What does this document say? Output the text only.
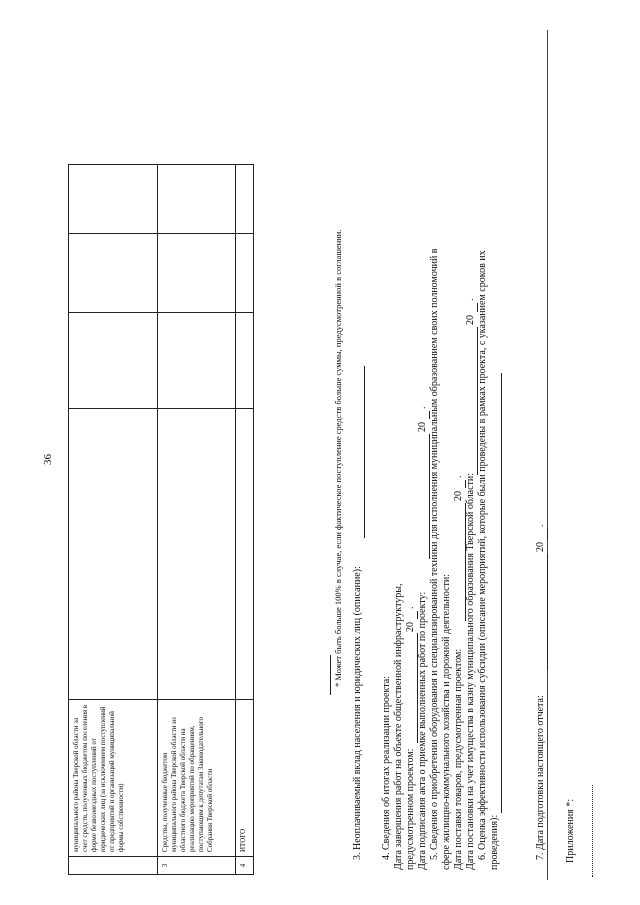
36
	муниципального района Тверской области за счет средств, полученных бюджетом поселения в форме безвозмездных поступлений от юридических лиц (за исключением поступлений от предприятий и организаций муниципальной формы собственности)				
3	Средства, полученные бюджетом муниципального района Тверской области из областного бюджета Тверской области на реализацию мероприятий по обращениям, поступающим к депутатам Законодательного Собрания Тверской области				
4	ИТОГО				
* Может быть больше 100% в случае, если фактическое поступление средств больше суммы, предусмотренной в соглашении.
3. Неоплачиваемый вклад населения и юридических лиц (описание): 4. Сведения об итогах реализации проекта: Дата завершения работ на объекте общественной инфраструктуры, предусмотренном проектом:
20
. Дата подписания акта о приемке выполненных работ по проекту:
20
. 5. Сведения о приобретении оборудования и специализированной техники для исполнения муниципальным образованием своих полномочий в сфере жилищно-коммунального хозяйства и дорожной деятельности: Дата поставки товаров, предусмотренная проектом:
20
. Дата постановки на учет имущества в казну муниципального образования Тверской области:
20
. 6. Оценка эффективности использования субсидии (описание мероприятий, которые были проведены в рамках проекта, с указанием сроков их проведения):	7. Дата подготовки настоящего отчета:
20
.
Приложения *:
